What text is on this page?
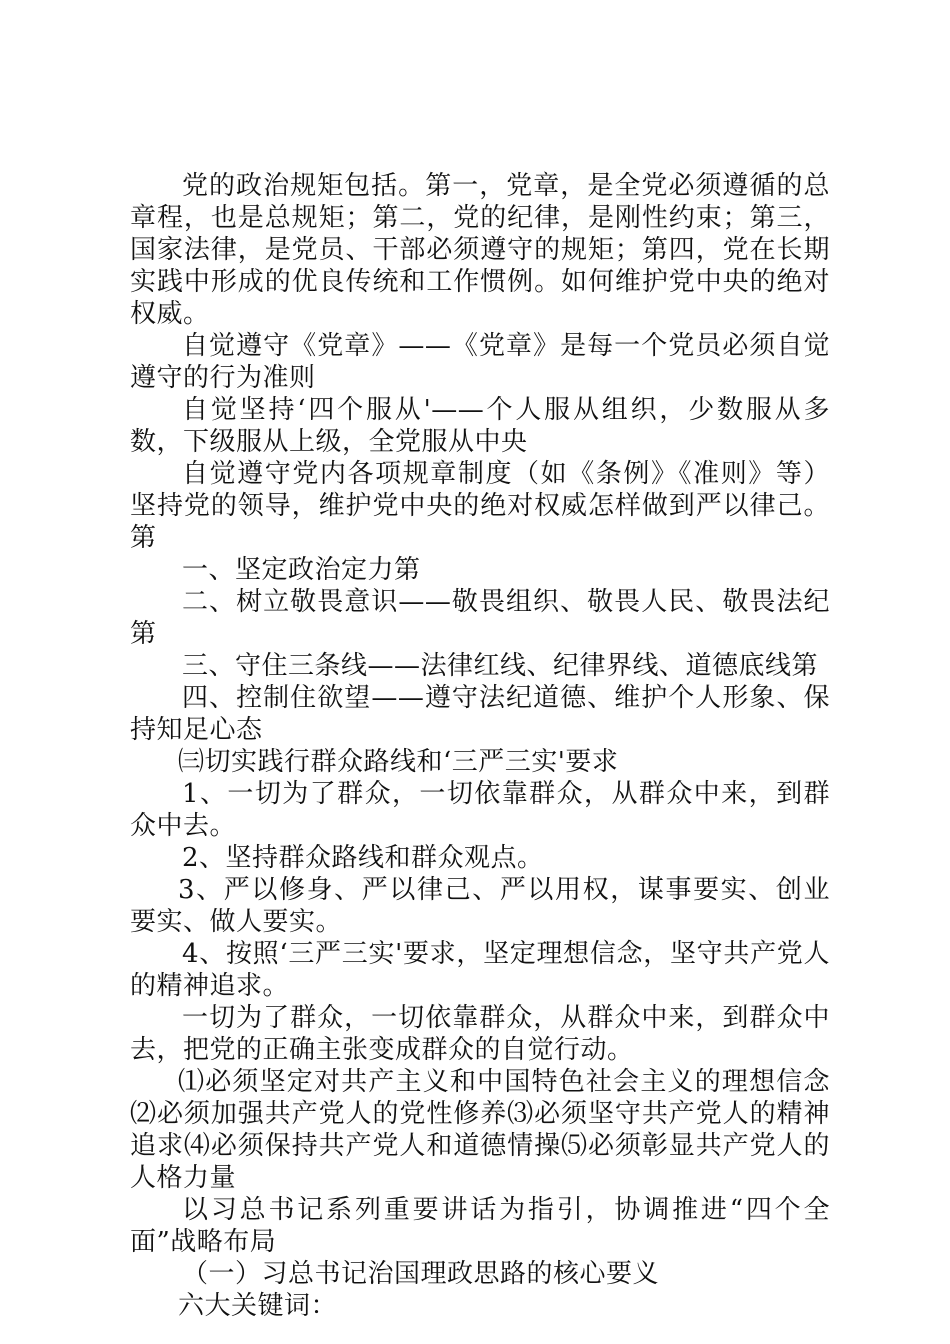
党的政治规矩包括。第一，党章，是全党必须遵循的总章程，也是总规矩；第二，党的纪律，是刚性约束；第三，国家法律，是党员、干部必须遵守的规矩；第四，党在长期实践中形成的优良传统和工作惯例。如何维护党中央的绝对权威。

自觉遵守《党章》——《党章》是每一个党员必须自觉遵守的行为准则

自觉坚持‘四个服从'——个人服从组织，少数服从多数，下级服从上级，全党服从中央

自觉遵守党内各项规章制度（如《条例》《准则》等）坚持党的领导，维护党中央的绝对权威怎样做到严以律己。第

一、坚定政治定力第

二、树立敬畏意识——敬畏组织、敬畏人民、敬畏法纪第

三、守住三条线——法律红线、纪律界线、道德底线第

四、控制住欲望——遵守法纪道德、维护个人形象、保持知足心态

㈢切实践行群众路线和‘三严三实'要求

1、一切为了群众，一切依靠群众，从群众中来，到群众中去。

2、坚持群众路线和群众观点。

3、严以修身、严以律己、严以用权，谋事要实、创业要实、做人要实。

4、按照‘三严三实'要求，坚定理想信念，坚守共产党人的精神追求。

一切为了群众，一切依靠群众，从群众中来，到群众中去，把党的正确主张变成群众的自觉行动。

⑴必须坚定对共产主义和中国特色社会主义的理想信念⑵必须加强共产党人的党性修养⑶必须坚守共产党人的精神追求⑷必须保持共产党人和道德情操⑸必须彰显共产党人的人格力量

以习总书记系列重要讲话为指引，协调推进“四个全面”战略布局

（一）习总书记治国理政思路的核心要义

六大关键词：
